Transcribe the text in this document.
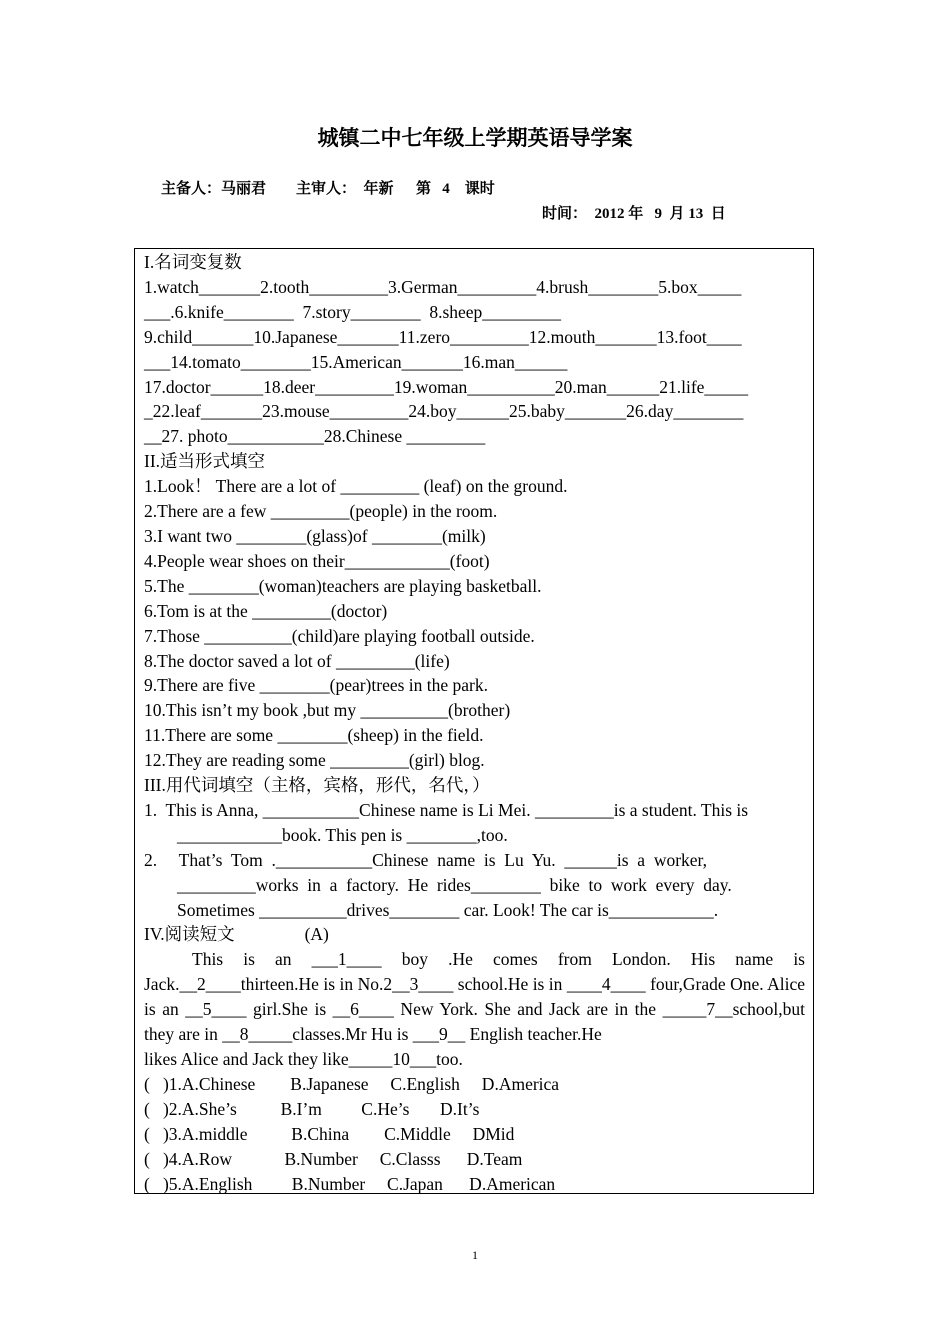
城镇二中七年级上学期英语导学案
主备人：马丽君        主审人：  年新      第   4    课时
时间：  2012 年   9  月 13  日
I.名词变复数
1.watch_______2.tooth_________3.German_________4.brush________5.box_____
___.6.knife________  7.story________  8.sheep_________
9.child_______10.Japanese_______11.zero_________12.mouth_______13.foot____
___14.tomato________15.American_______16.man______
17.doctor______18.deer_________19.woman__________20.man______21.life_____
_22.leaf_______23.mouse_________24.boy______25.baby_______26.day________
__27. photo___________28.Chinese _________
II.适当形式填空
1.Look！ There are a lot of _________ (leaf) on the ground.
2.There are a few _________(people) in the room.
3.I want two ________(glass)of ________(milk)
4.People wear shoes on their____________(foot)
5.The ________(woman)teachers are playing basketball.
6.Tom is at the _________(doctor)
7.Those __________(child)are playing football outside.
8.The doctor saved a lot of _________(life)
9.There are five ________(pear)trees in the park.
10.This isn’t my book ,but my __________(brother)
11.There are some ________(sheep) in the field.
12.They are reading some _________(girl) blog.
III.用代词填空（主格，宾格，形代，名代，）
1.  This is Anna, ___________Chinese name is Li Mei. _________is a student. This is
____________book. This pen is ________,too.
2.     That’s  Tom  .___________Chinese  name  is  Lu  Yu.  ______is  a  worker,
_________works  in  a  factory.  He  rides________  bike  to  work  every  day.
Sometimes __________drives________ car. Look! The car is____________.
IV.阅读短文                (A)
This is an ___1____ boy .He comes from London. His name is Jack.__2____thirteen.He is in No.2__3____ school.He is in ____4____ four,Grade One. Alice is an __5____ girl.She is __6____ New York. She and Jack are in the _____7__school,but they are in __8_____classes.Mr Hu is ___9__ English teacher.He
likes Alice and Jack they like_____10___too.
(   )1.A.Chinese        B.Japanese     C.English     D.America
(   )2.A.She’s          B.I’m         C.He’s       D.It’s
(   )3.A.middle          B.China        C.Middle     DMid
(   )4.A.Row            B.Number     C.Classs      D.Team
(   )5.A.English         B.Number     C.Japan      D.American
1
